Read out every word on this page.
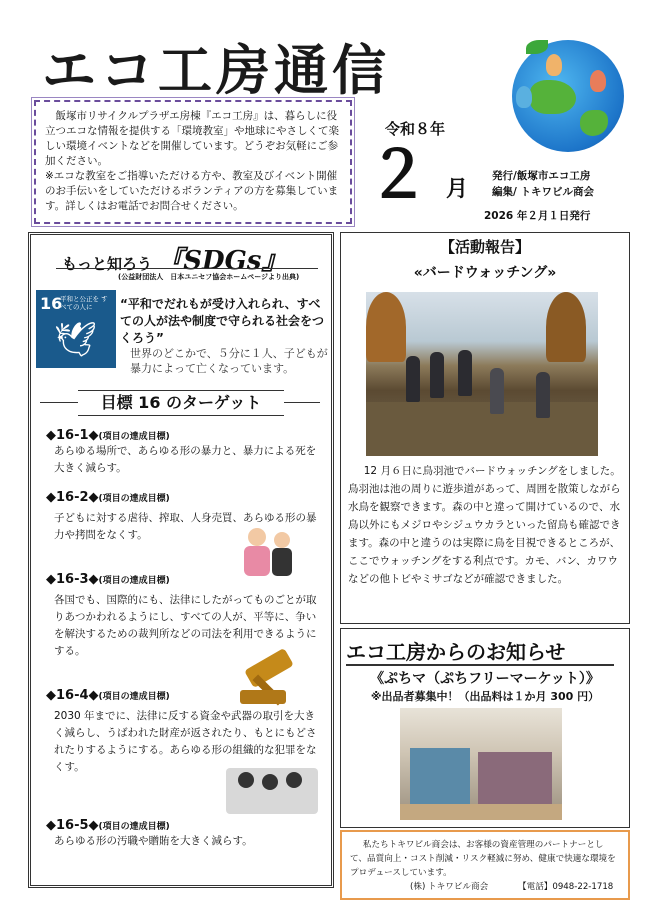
エコ工房通信

飯塚市リサイクルプラザエ房棟『エコ工房』は、暮らしに役立つエコな情報を提供する「環境教室」や地球にやさしくて楽しい環境イベントなどを開催しています。どうぞお気軽にご参加ください。

※エコな教室をご指導いただける方や、教室及びイベント開催のお手伝いをしていただけるボランティアの方を募集しています。詳しくはお電話でお問合せください。
令和８年
２ 月
発行/飯塚市エコ工房
編集/ トキワビル商会
2026 年２月１日発行
もっと知ろう 『SDGs』
(公益財団法人　日本ユニセフ協会ホームページより出典)
16
平和と公正を すべての人に
🕊
“平和でだれもが受け入れられ、すべての人が法や制度で守られる社会をつくろう”
世界のどこかで、５分に１人、子どもが暴力によって亡くなっています。
目標 16 のターゲット
◆16-1◆(項目の達成目標)
あらゆる場所で、あらゆる形の暴力と、暴力による死を大きく減らす。
◆16-2◆(項目の達成目標)
子どもに対する虐待、搾取、人身売買、あらゆる形の暴力や拷問をなくす。
◆16-3◆(項目の達成目標)
各国でも、国際的にも、法律にしたがってものごとが取りあつかわれるようにし、すべての人が、平等に、争いを解決するための裁判所などの司法を利用できるようにする。
◆16-4◆(項目の達成目標)
2030 年までに、法律に反する資金や武器の取引を大きく減らし、うばわれた財産が返されたり、もとにもどされたりするようにする。あらゆる形の組織的な犯罪をなくす。
◆16-5◆(項目の達成目標)
あらゆる形の汚職や贈賄を大きく減らす。
【活動報告】
«バードウォッチング»
12 月６日に鳥羽池でバードウォッチングをしました。鳥羽池は池の周りに遊歩道があって、周囲を散策しながら水鳥を観察できます。森の中と違って開けているので、水鳥以外にもメジロやシジュウカラといった留鳥も確認できます。森の中と違うのは実際に鳥を目視できるところが、ここでウォッチングをする利点です。カモ、バン、カワウなどの他トビやミサゴなどが確認できました。
エコ工房からのお知らせ
《ぷちマ（ぷちフリーマーケット）》
※出品者募集中！（出品料は１か月 300 円）

私たちトキワビル商会は、お客様の資産管理のパートナーとして、品質向上・コスト削減・リスク軽減に努め、健康で快適な環境をプロデュースしています。

(株) トキワビル商会	【電話】0948-22-1718
